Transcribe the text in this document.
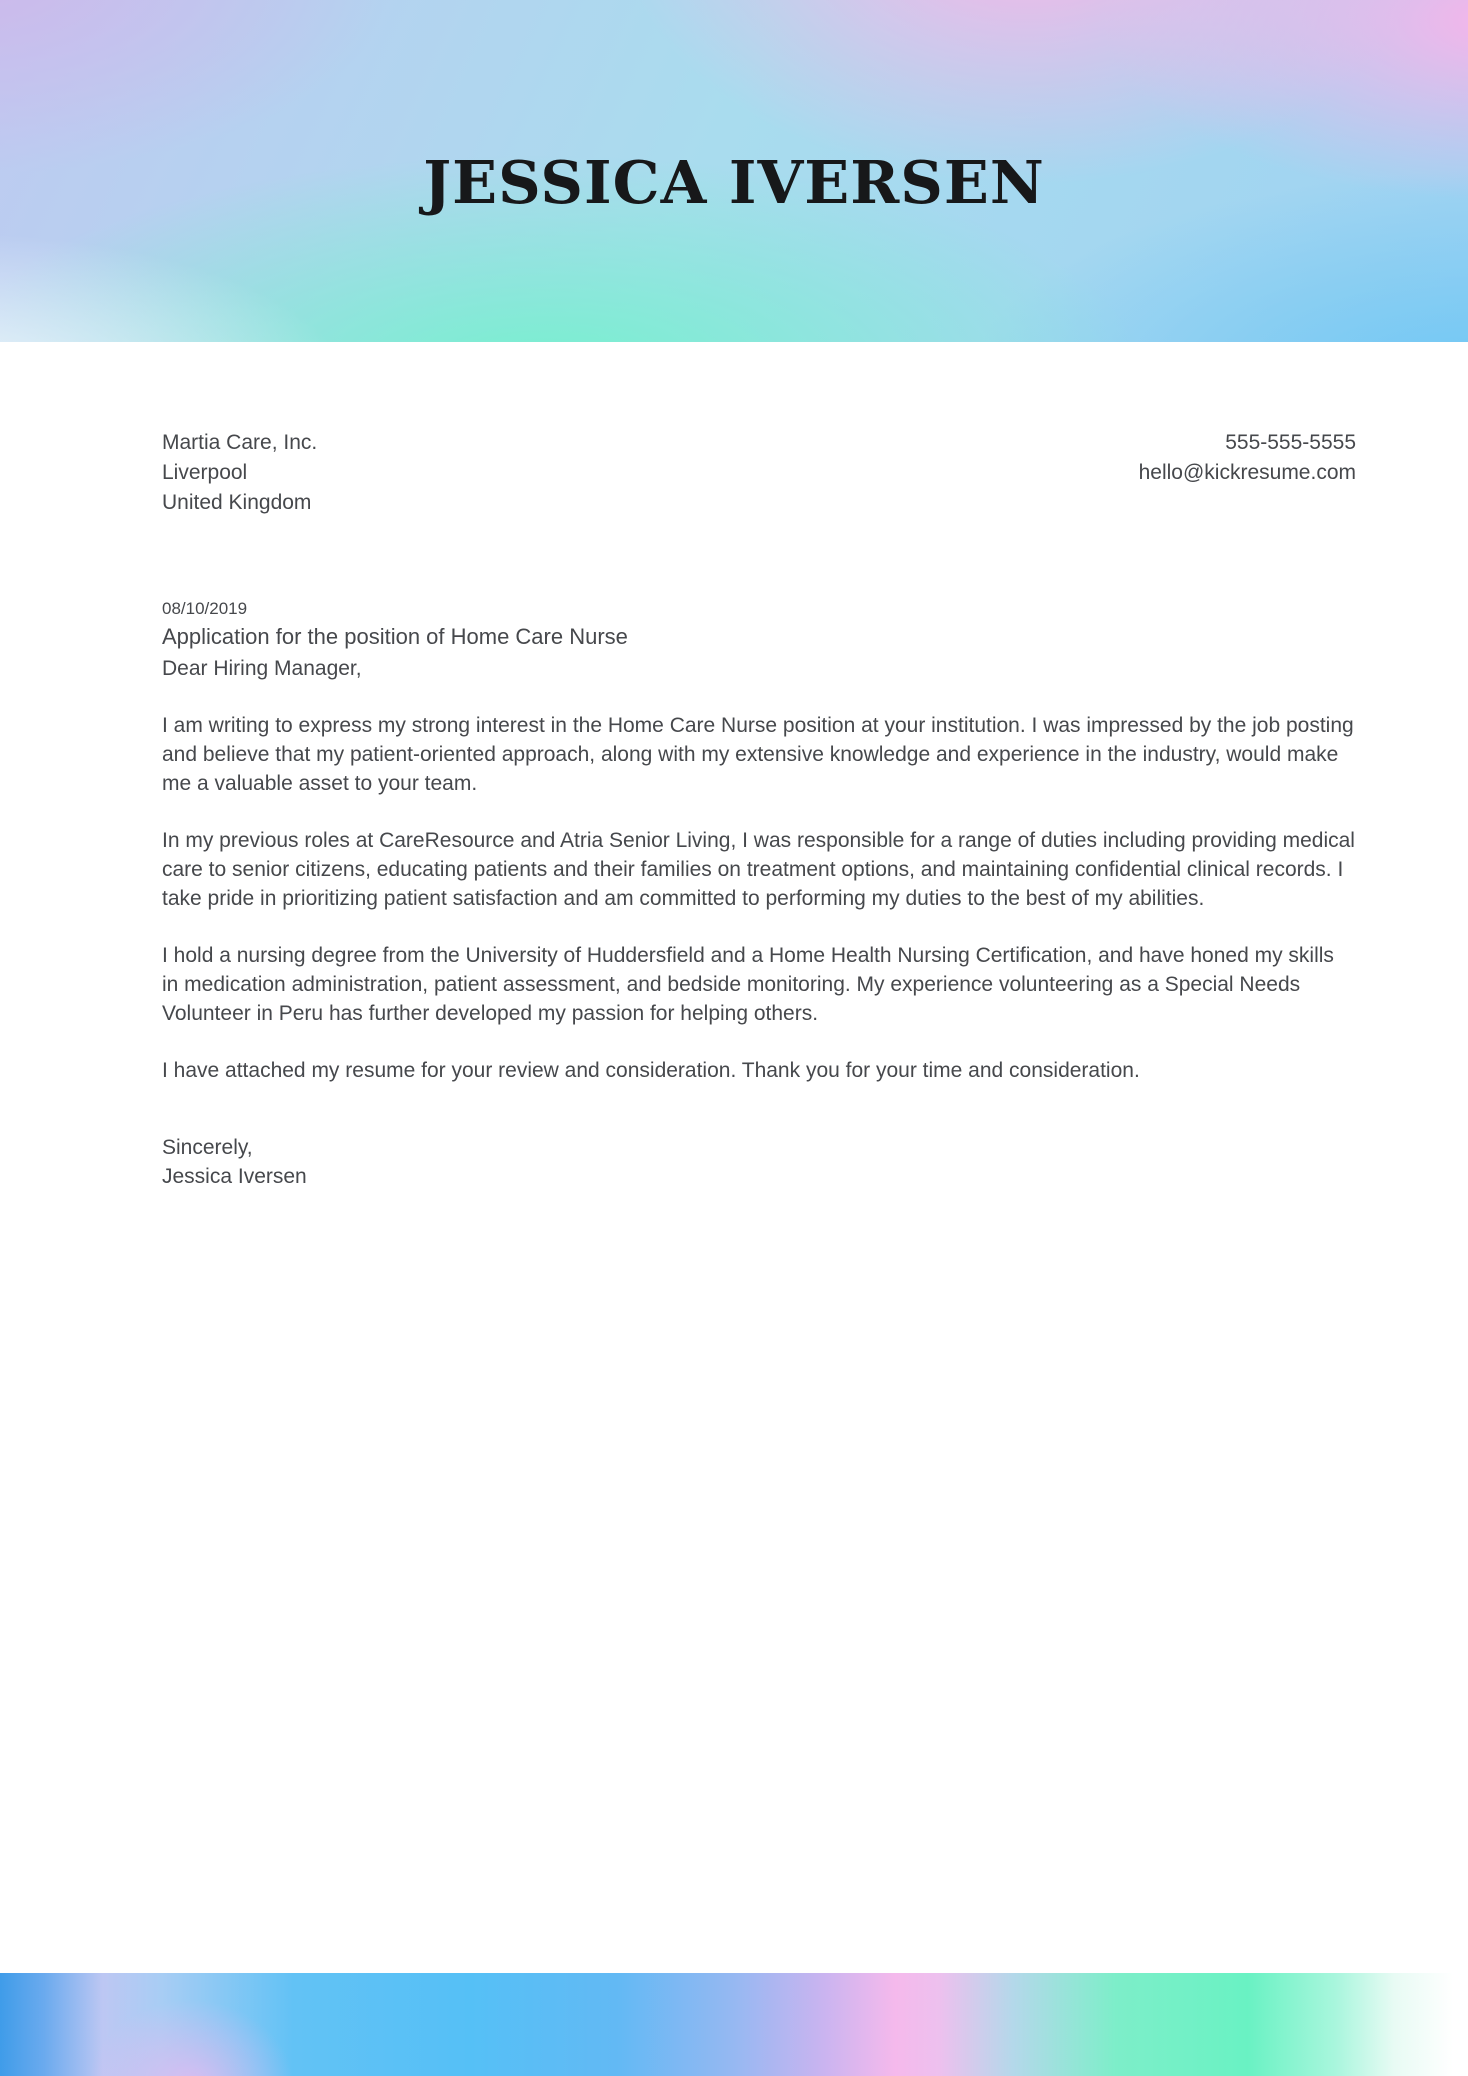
JESSICA IVERSEN
Martia Care, Inc.
Liverpool
United Kingdom
555-555-5555
hello@kickresume.com
08/10/2019
Application for the position of Home Care Nurse

Dear Hiring Manager,

I am writing to express my strong interest in the Home Care Nurse position at your institution. I was impressed by the job posting and believe that my patient-oriented approach, along with my extensive knowledge and experience in the industry, would make me a valuable asset to your team.

In my previous roles at CareResource and Atria Senior Living, I was responsible for a range of duties including providing medical care to senior citizens, educating patients and their families on treatment options, and maintaining confidential clinical records. I take pride in prioritizing patient satisfaction and am committed to performing my duties to the best of my abilities.

I hold a nursing degree from the University of Huddersfield and a Home Health Nursing Certification, and have honed my skills in medication administration, patient assessment, and bedside monitoring. My experience volunteering as a Special Needs Volunteer in Peru has further developed my passion for helping others.

I have attached my resume for your review and consideration. Thank you for your time and consideration.

Sincerely,

Jessica Iversen
